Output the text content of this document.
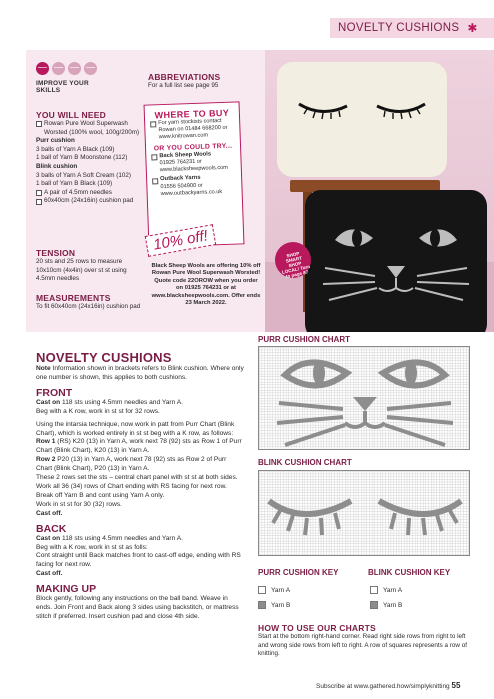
NOVELTY CUSHIONS ✱
IMPROVE YOUR SKILLS
YOU WILL NEED
Rowan Pure Wool Superwash Worsted (100% wool, 100g/200m)
Purr cushion
3 balls of Yarn A Black (109)
1 ball of Yarn B Moonstone (112)
Blink cushion
3 balls of Yarn A Soft Cream (102)
1 ball of Yarn B Black (109)
A pair of 4.5mm needles
60x40cm (24x16in) cushion pad
TENSION
20 sts and 25 rows to measure 10x10cm (4x4in) over st st using 4.5mm needles
MEASUREMENTS
To fit 60x40cm (24x16in) cushion pad
ABBREVIATIONS
For a full list see page 95
WHERE TO BUY
For yarn stockists contact Rowan on 01484 668200 or www.knitrowan.com
OR YOU COULD TRY...
Back Sheep Wools
01925 764231 or www.blacksheepwools.com
Outback Yarns
01556 504900 or www.outbackyarns.co.uk
10% off!
Black Sheep Wools are offering 10% off Rowan Pure Wool Superwash Worsted! Quote code 22OROW when you order on 01925 764231 or at www.blacksheepwools.com. Offer ends 23 March 2022.
SHOP SMART SHOP LOCAL! Turn to page 87
NOVELTY CUSHIONS
Note Information shown in brackets refers to Blink cushion. Where only one number is shown, this applies to both cushions.
FRONT
Cast on 118 sts using 4.5mm needles and Yarn A.
Beg with a K row, work in st st for 32 rows.
Using the intarsia technique, now work in patt from Purr Chart (Blink Chart), which is worked entirely in st st beg with a K row, as follows:
Row 1 (RS) K20 (13) in Yarn A, work next 78 (92) sts as Row 1 of Purr Chart (Blink Chart), K20 (13) in Yarn A.
Row 2 P20 (13) in Yarn A, work next 78 (92) sts as Row 2 of Purr Chart (Blink Chart), P20 (13) in Yarn A.
These 2 rows set the sts – central chart panel with st st at both sides.
Work all 36 (34) rows of Chart ending with RS facing for next row. Break off Yarn B and cont using Yarn A only.
Work in st st for 30 (32) rows.
Cast off.
BACK
Cast on 118 sts using 4.5mm needles and Yarn A.
Beg with a K row, work in st st as folls:
Cont straight until Back matches front to cast-off edge, ending with RS facing for next row.
Cast off.
MAKING UP
Block gently, following any instructions on the ball band. Weave in ends. Join Front and Back along 3 sides using backstitch, or mattress stitch if preferred. Insert cushion pad and close 4th side.
PURR CUSHION CHART
BLINK CUSHION CHART
PURR CUSHION KEY
Yarn A
Yarn B
BLINK CUSHION KEY
Yarn A
Yarn B
HOW TO USE OUR CHARTS
Start at the bottom right-hand corner. Read right side rows from right to left and wrong side rows from left to right. A row of squares represents a row of knitting.
Subscribe at www.gathered.how/simplyknitting 55
